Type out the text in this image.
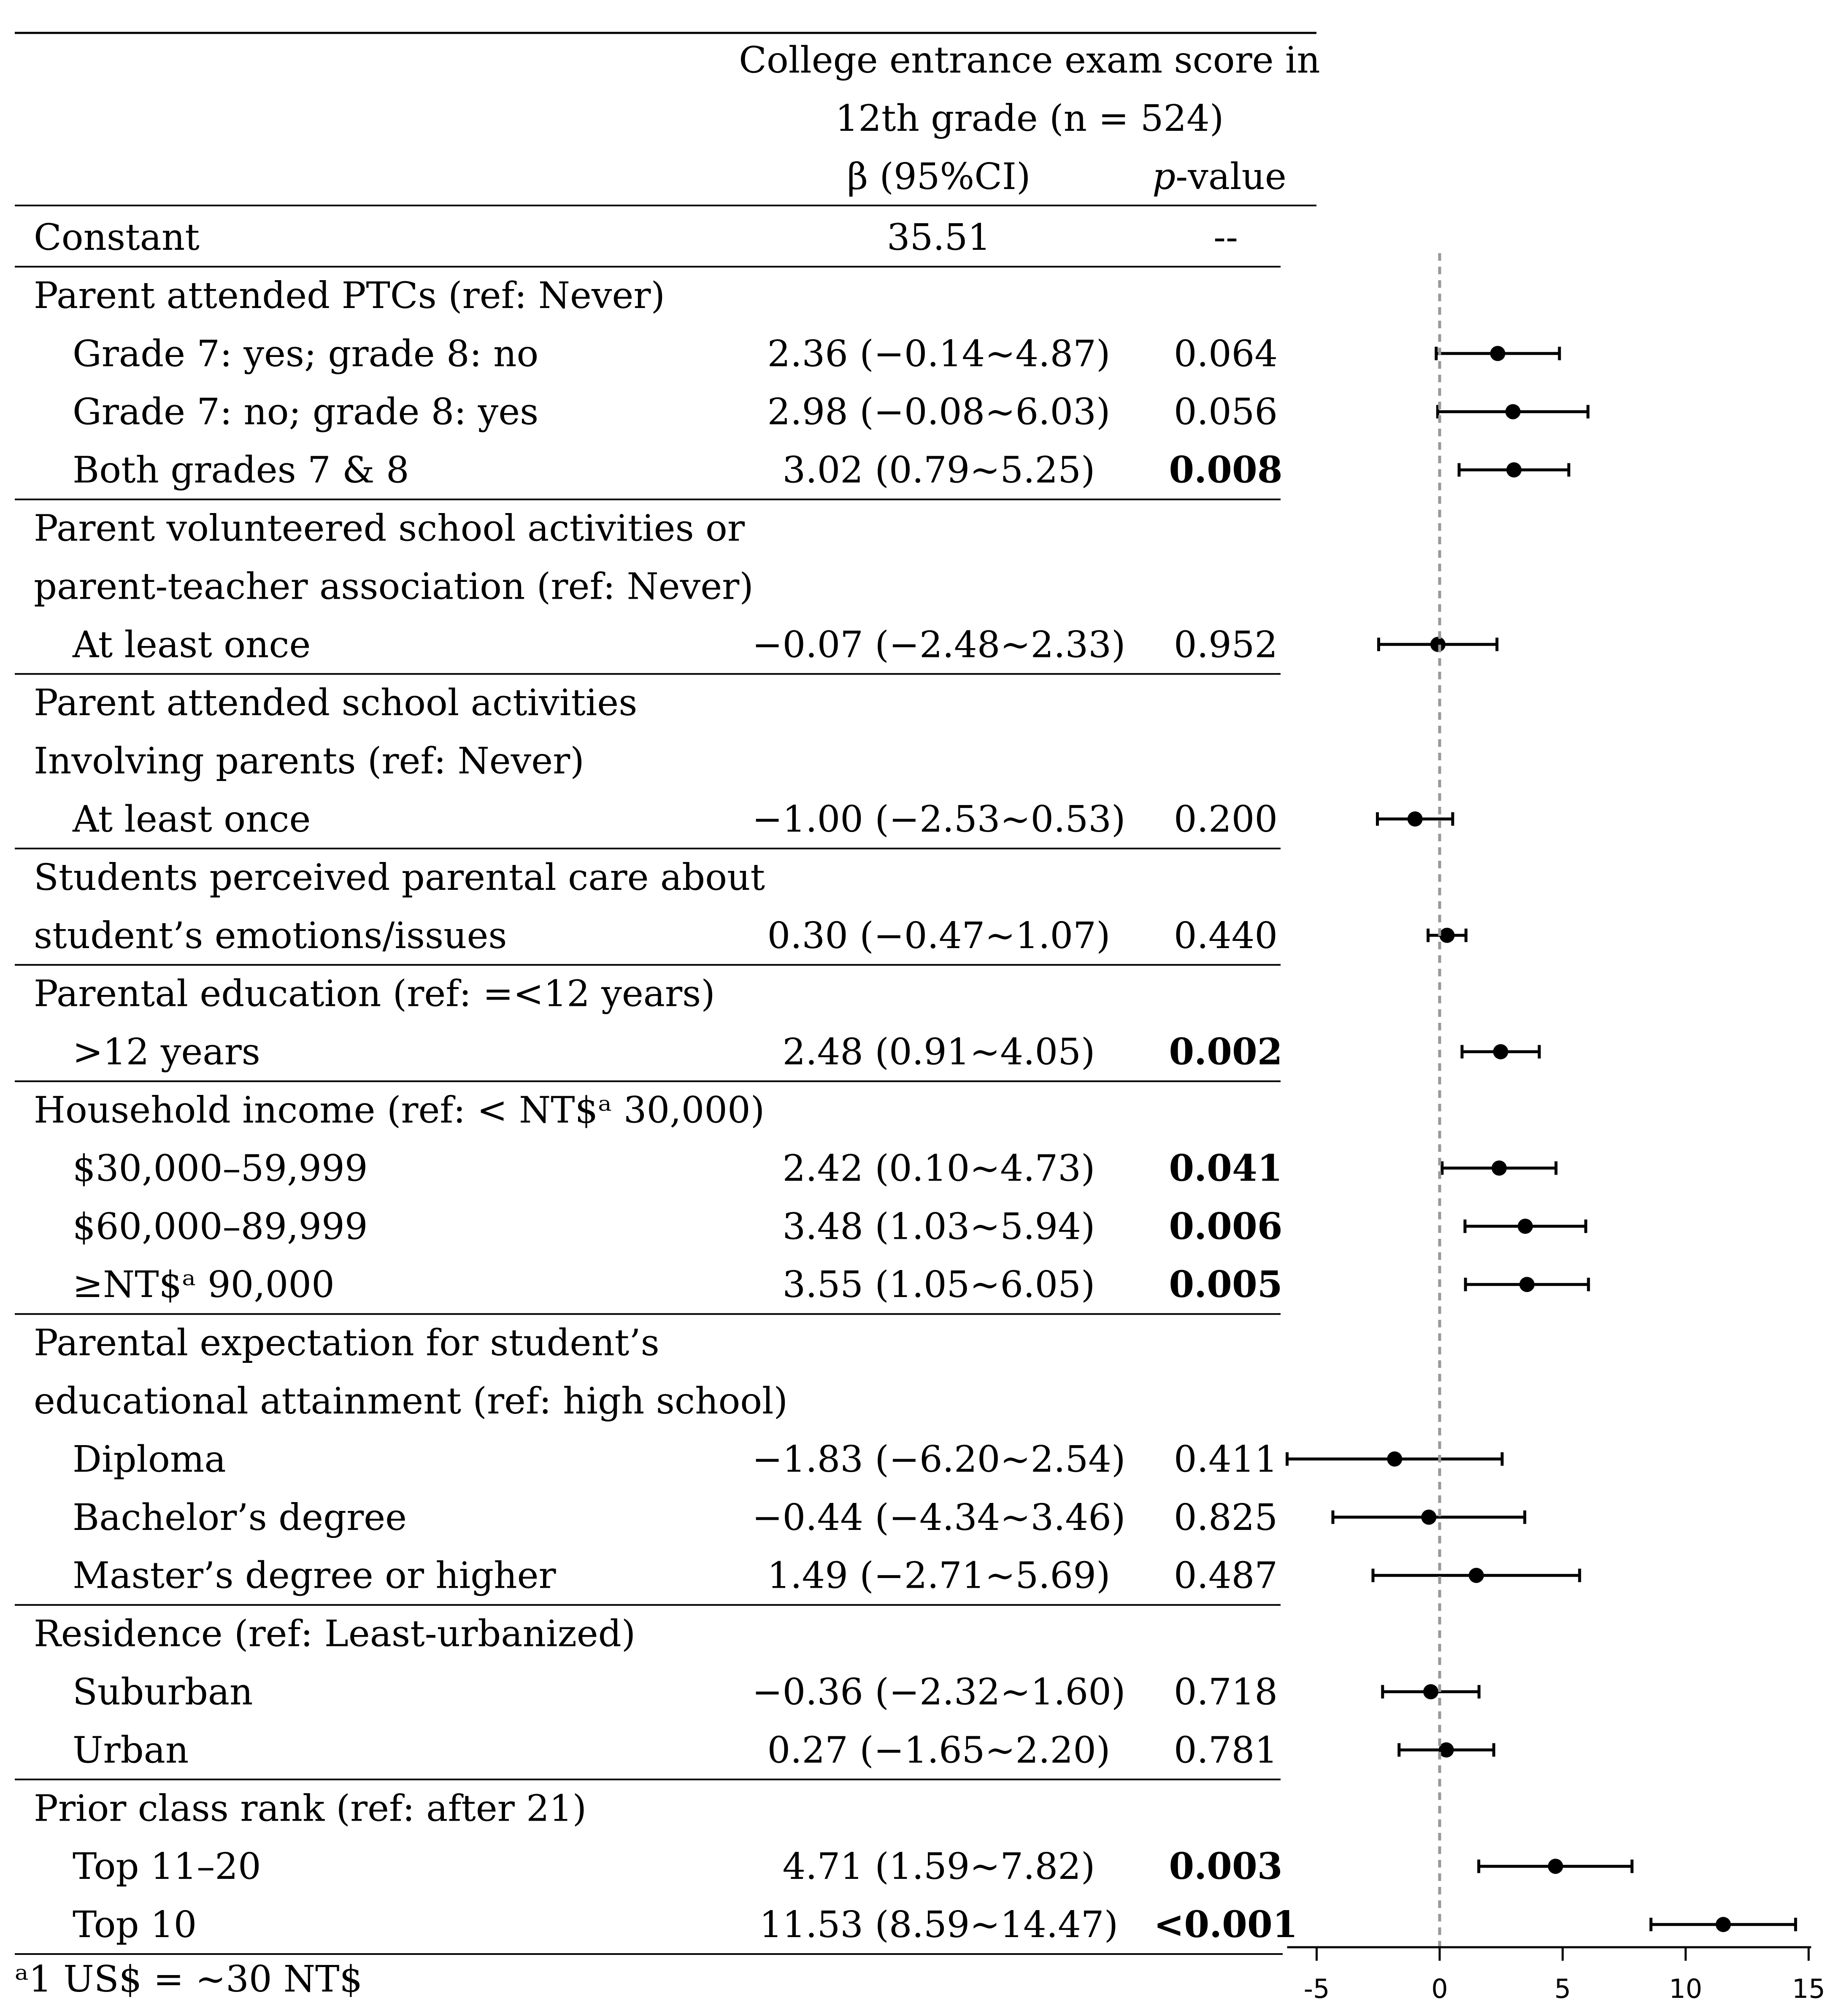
College entrance exam score in
12th grade (n = 524)
β (95%CI)	p-value
Constant	35.51	--
Parent attended PTCs (ref: Never)
Grade 7: yes; grade 8: no	2.36 (−0.14~4.87) 0.064
Grade 7: no; grade 8: yes	2.98 (−0.08~6.03) 0.056
Both grades 7 & 8	3.02 (0.79~5.25) 0.008
Parent volunteered school activities or
parent-teacher association (ref: Never)
At least once	−0.07 (−2.48~2.33) 0.952
Parent attended school activities
Involving parents (ref: Never)
At least once	−1.00 (−2.53~0.53) 0.200
Students perceived parental care about
student’s emotions/issues	0.30 (−0.47~1.07) 0.440
Parental education (ref: =<12 years)
>12 years	2.48 (0.91~4.05) 0.002
Household income (ref: < NT$ᵃ 30,000)
$30,000–59,999	2.42 (0.10~4.73) 0.041
$60,000–89,999	3.48 (1.03~5.94) 0.006
≥NT$ᵃ 90,000	3.55 (1.05~6.05) 0.005
Parental expectation for student’s
educational attainment (ref: high school)
Diploma	−1.83 (−6.20~2.54) 0.411
Bachelor’s degree	−0.44 (−4.34~3.46) 0.825
Master’s degree or higher	1.49 (−2.71~5.69) 0.487
Residence (ref: Least-urbanized)
Suburban	−0.36 (−2.32~1.60) 0.718
Urban	0.27 (−1.65~2.20) 0.781
Prior class rank (ref: after 21)
Top 11–20	4.71 (1.59~7.82) 0.003
Top 10	11.53 (8.59~14.47) <0.001
ᵃ1 US$ = ~30 NT$	-5	0	5	10	15
